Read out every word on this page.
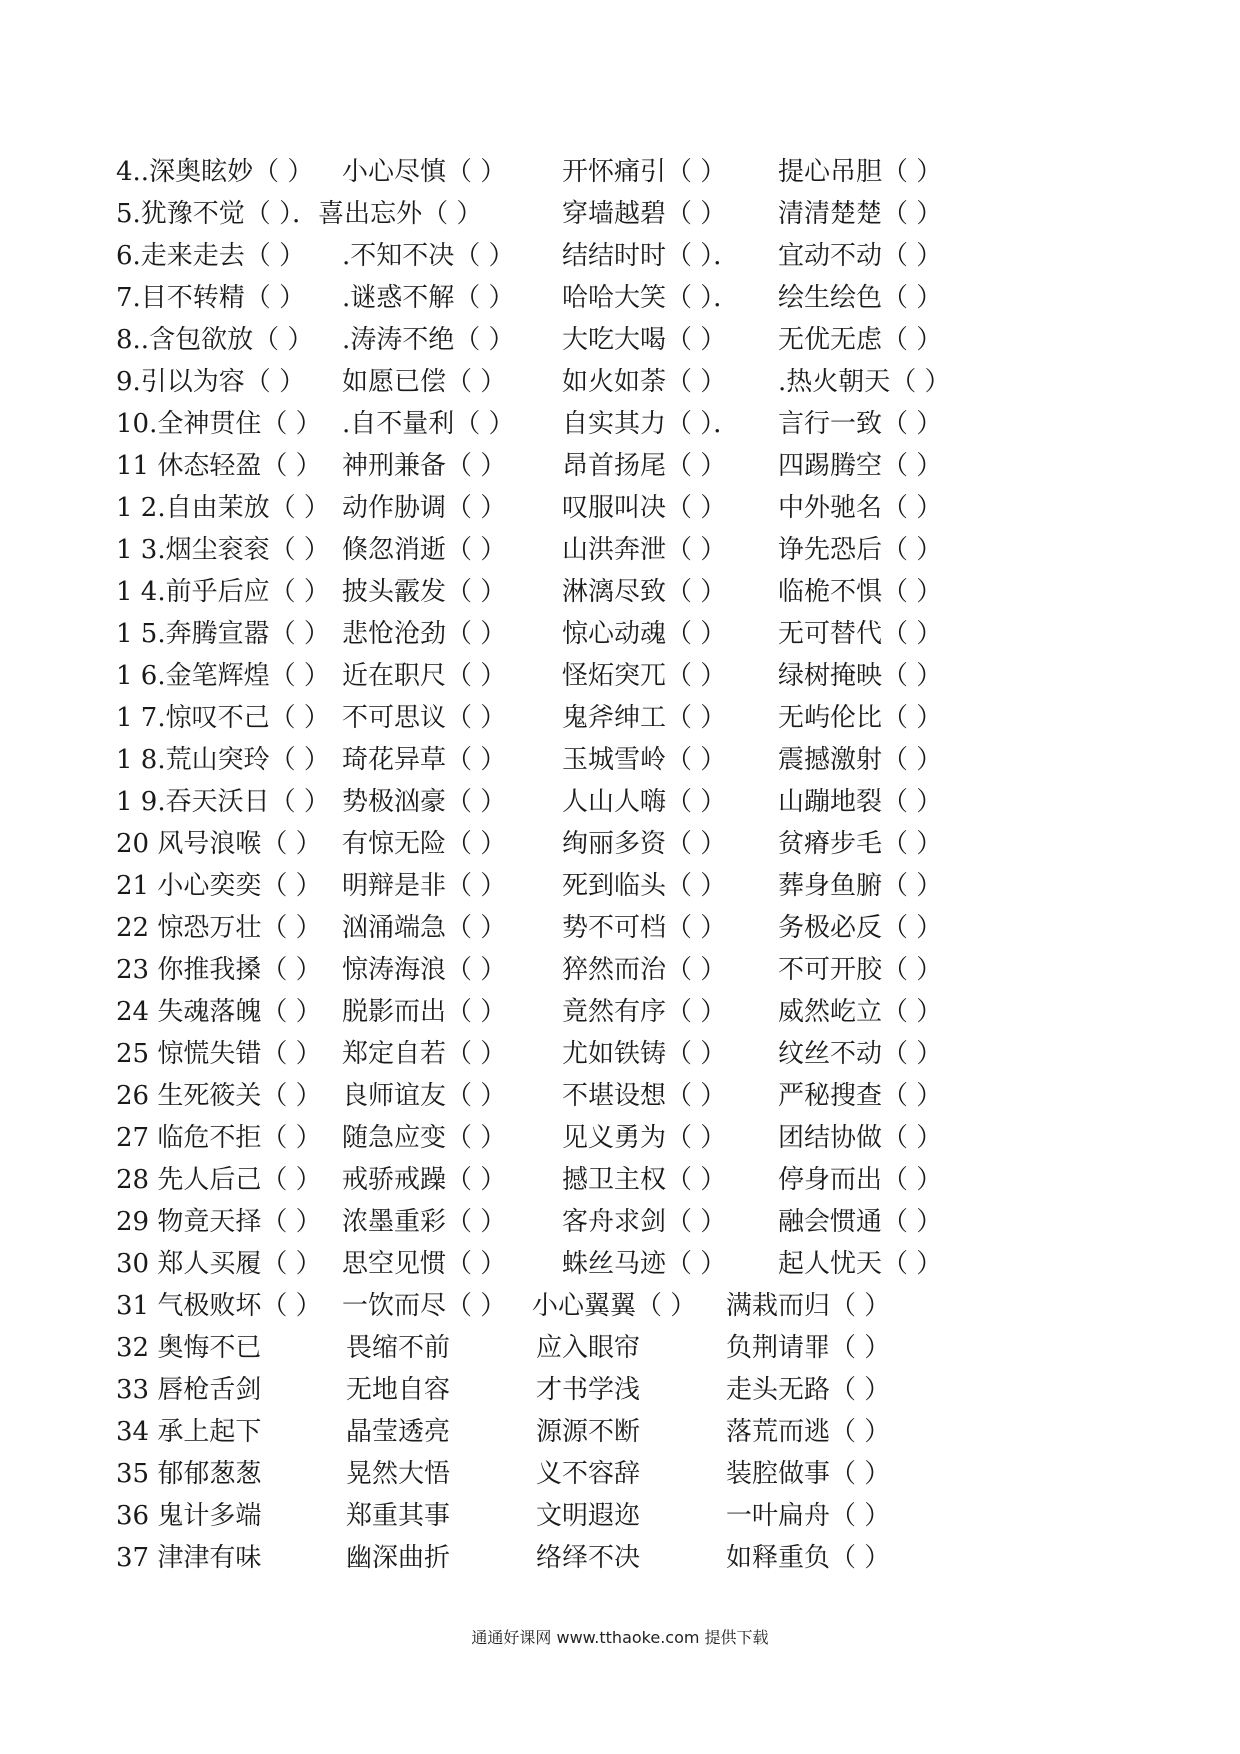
4..深奥眩妙（ ） 小心尽慎（ ） 开怀痛引（ ） 提心吊胆（ ）
5.犹豫不觉（ ）．喜出忘外（ ）	穿墙越碧（ ） 清清楚楚（ ）
6.走来走去（ ） .不知不决（ ） 结结时时（ ）． 宜动不动（ ）
7.目不转精（ ） .谜惑不解（ ） 哈哈大笑（ ）． 绘生绘色（ ）
8..含包欲放（ ） .涛涛不绝（ ） 大吃大喝（ ） 无优无虑（ ）
9.引以为容（ ） 如愿已偿（ ） 如火如荼（ ） .热火朝天（ ）
10.全神贯住（ ） .自不量利（ ） 自实其力（ ）． 言行一致（ ）
11 休态轻盈（ ） 神刑兼备（ ） 昂首扬尾（ ） 四踢腾空（ ）
1 2.自由茉放（ ） 动作胁调（ ） 叹服叫决（ ） 中外驰名（ ）
1 3.烟尘衮衮（ ） 倏忽消逝（ ） 山洪奔泄（ ） 诤先恐后（ ）
1 4.前乎后应（ ） 披头霰发（ ） 淋漓尽致（ ） 临桅不惧（ ）
1 5.奔腾宣嚣（ ） 悲怆沧劲（ ） 惊心动魂（ ） 无可替代（ ）
1 6.金笔辉煌（ ） 近在职尺（ ） 怪炻突兀（ ） 绿树掩映（ ）
1 7.惊叹不己（ ） 不可思议（ ） 鬼斧绅工（ ） 无屿伦比（ ）
1 8.荒山突玲（ ） 琦花异草（ ） 玉城雪岭（ ） 震撼激射（ ）
1 9.吞天沃日（ ） 势极汹豪（ ） 人山人嗨（ ） 山蹦地裂（ ）
20 风号浪喉（ ） 有惊无险（ ） 绚丽多资（ ） 贫瘠步毛（ ）
21 小心奕奕（ ） 明辩是非（ ） 死到临头（ ） 葬身鱼腑（ ）
22 惊恐万壮（ ） 汹涌端急（ ） 势不可档（ ） 务极必反（ ）
23 你推我搡（ ） 惊涛海浪（ ） 猝然而治（ ） 不可开胶（ ）
24 失魂落魄（ ） 脱影而出（ ） 竟然有序（ ） 威然屹立（ ）
25 惊慌失错（ ） 郑定自若（ ） 尤如铁铸（ ） 纹丝不动（ ）
26 生死筱关（ ） 良师谊友（ ） 不堪设想（ ） 严秘搜查（ ）
27 临危不拒（ ） 随急应变（ ） 见义勇为（ ） 团结协做（ ）
28 先人后己（ ） 戒骄戒躁（ ） 撼卫主权（ ） 停身而出（ ）
29 物竟天择（ ） 浓墨重彩（ ） 客舟求剑（ ） 融会惯通（ ）
30 郑人买履（ ） 思空见惯（ ） 蛛丝马迹（ ） 起人忧天（ ）
31 气极败坏（ ） 一饮而尽（ ） 小心翼翼（ ） 满栽而归（ ）
32 奥悔不已	畏缩不前	应入眼帘	负荆请罪（ ）
33 唇枪舌剑	无地自容	才书学浅	走头无路（ ）
34 承上起下	晶莹透亮	源源不断	落荒而逃（ ）
35 郁郁葱葱	晃然大悟	义不容辞	装腔做事（ ）
36 鬼计多端	郑重其事	文明遐迩	一叶扁舟（ ）
37 津津有味	幽深曲折	络绎不决	如释重负（ ）
通通好课网 www.tthaoke.com 提供下载
